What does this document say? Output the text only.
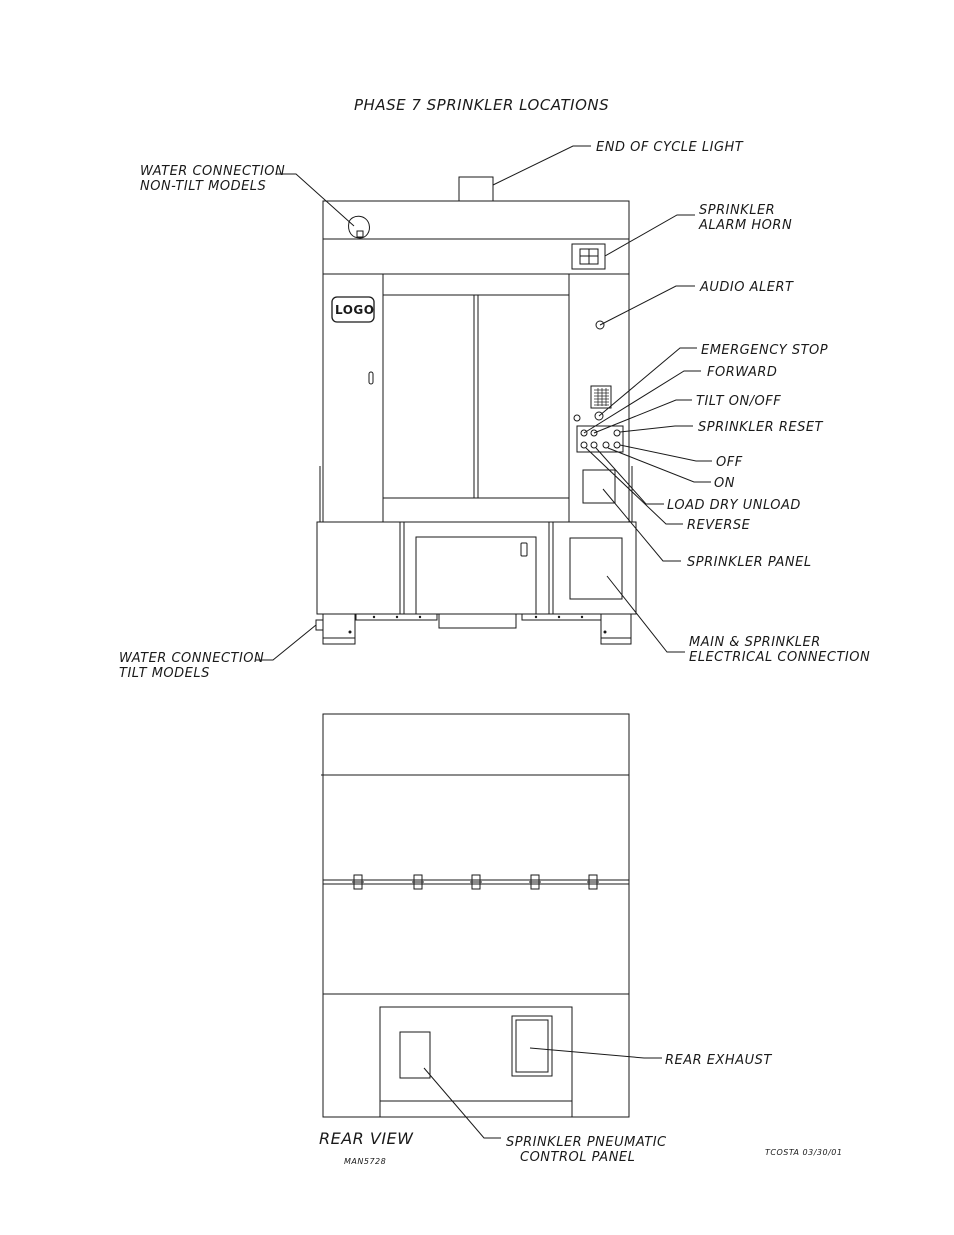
PHASE 7 SPRINKLER LOCATIONS
LOGO
END OF CYCLE LIGHT
WATER CONNECTION
NON-TILT MODELS
SPRINKLER
ALARM HORN
AUDIO ALERT
EMERGENCY STOP
FORWARD
TILT ON/OFF
SPRINKLER RESET
OFF
ON
LOAD DRY UNLOAD
REVERSE
SPRINKLER PANEL
MAIN & SPRINKLER
ELECTRICAL CONNECTION
WATER CONNECTION
TILT MODELS
REAR EXHAUST
SPRINKLER PNEUMATIC
CONTROL PANEL
REAR VIEW
MAN5728
TCOSTA 03/30/01
